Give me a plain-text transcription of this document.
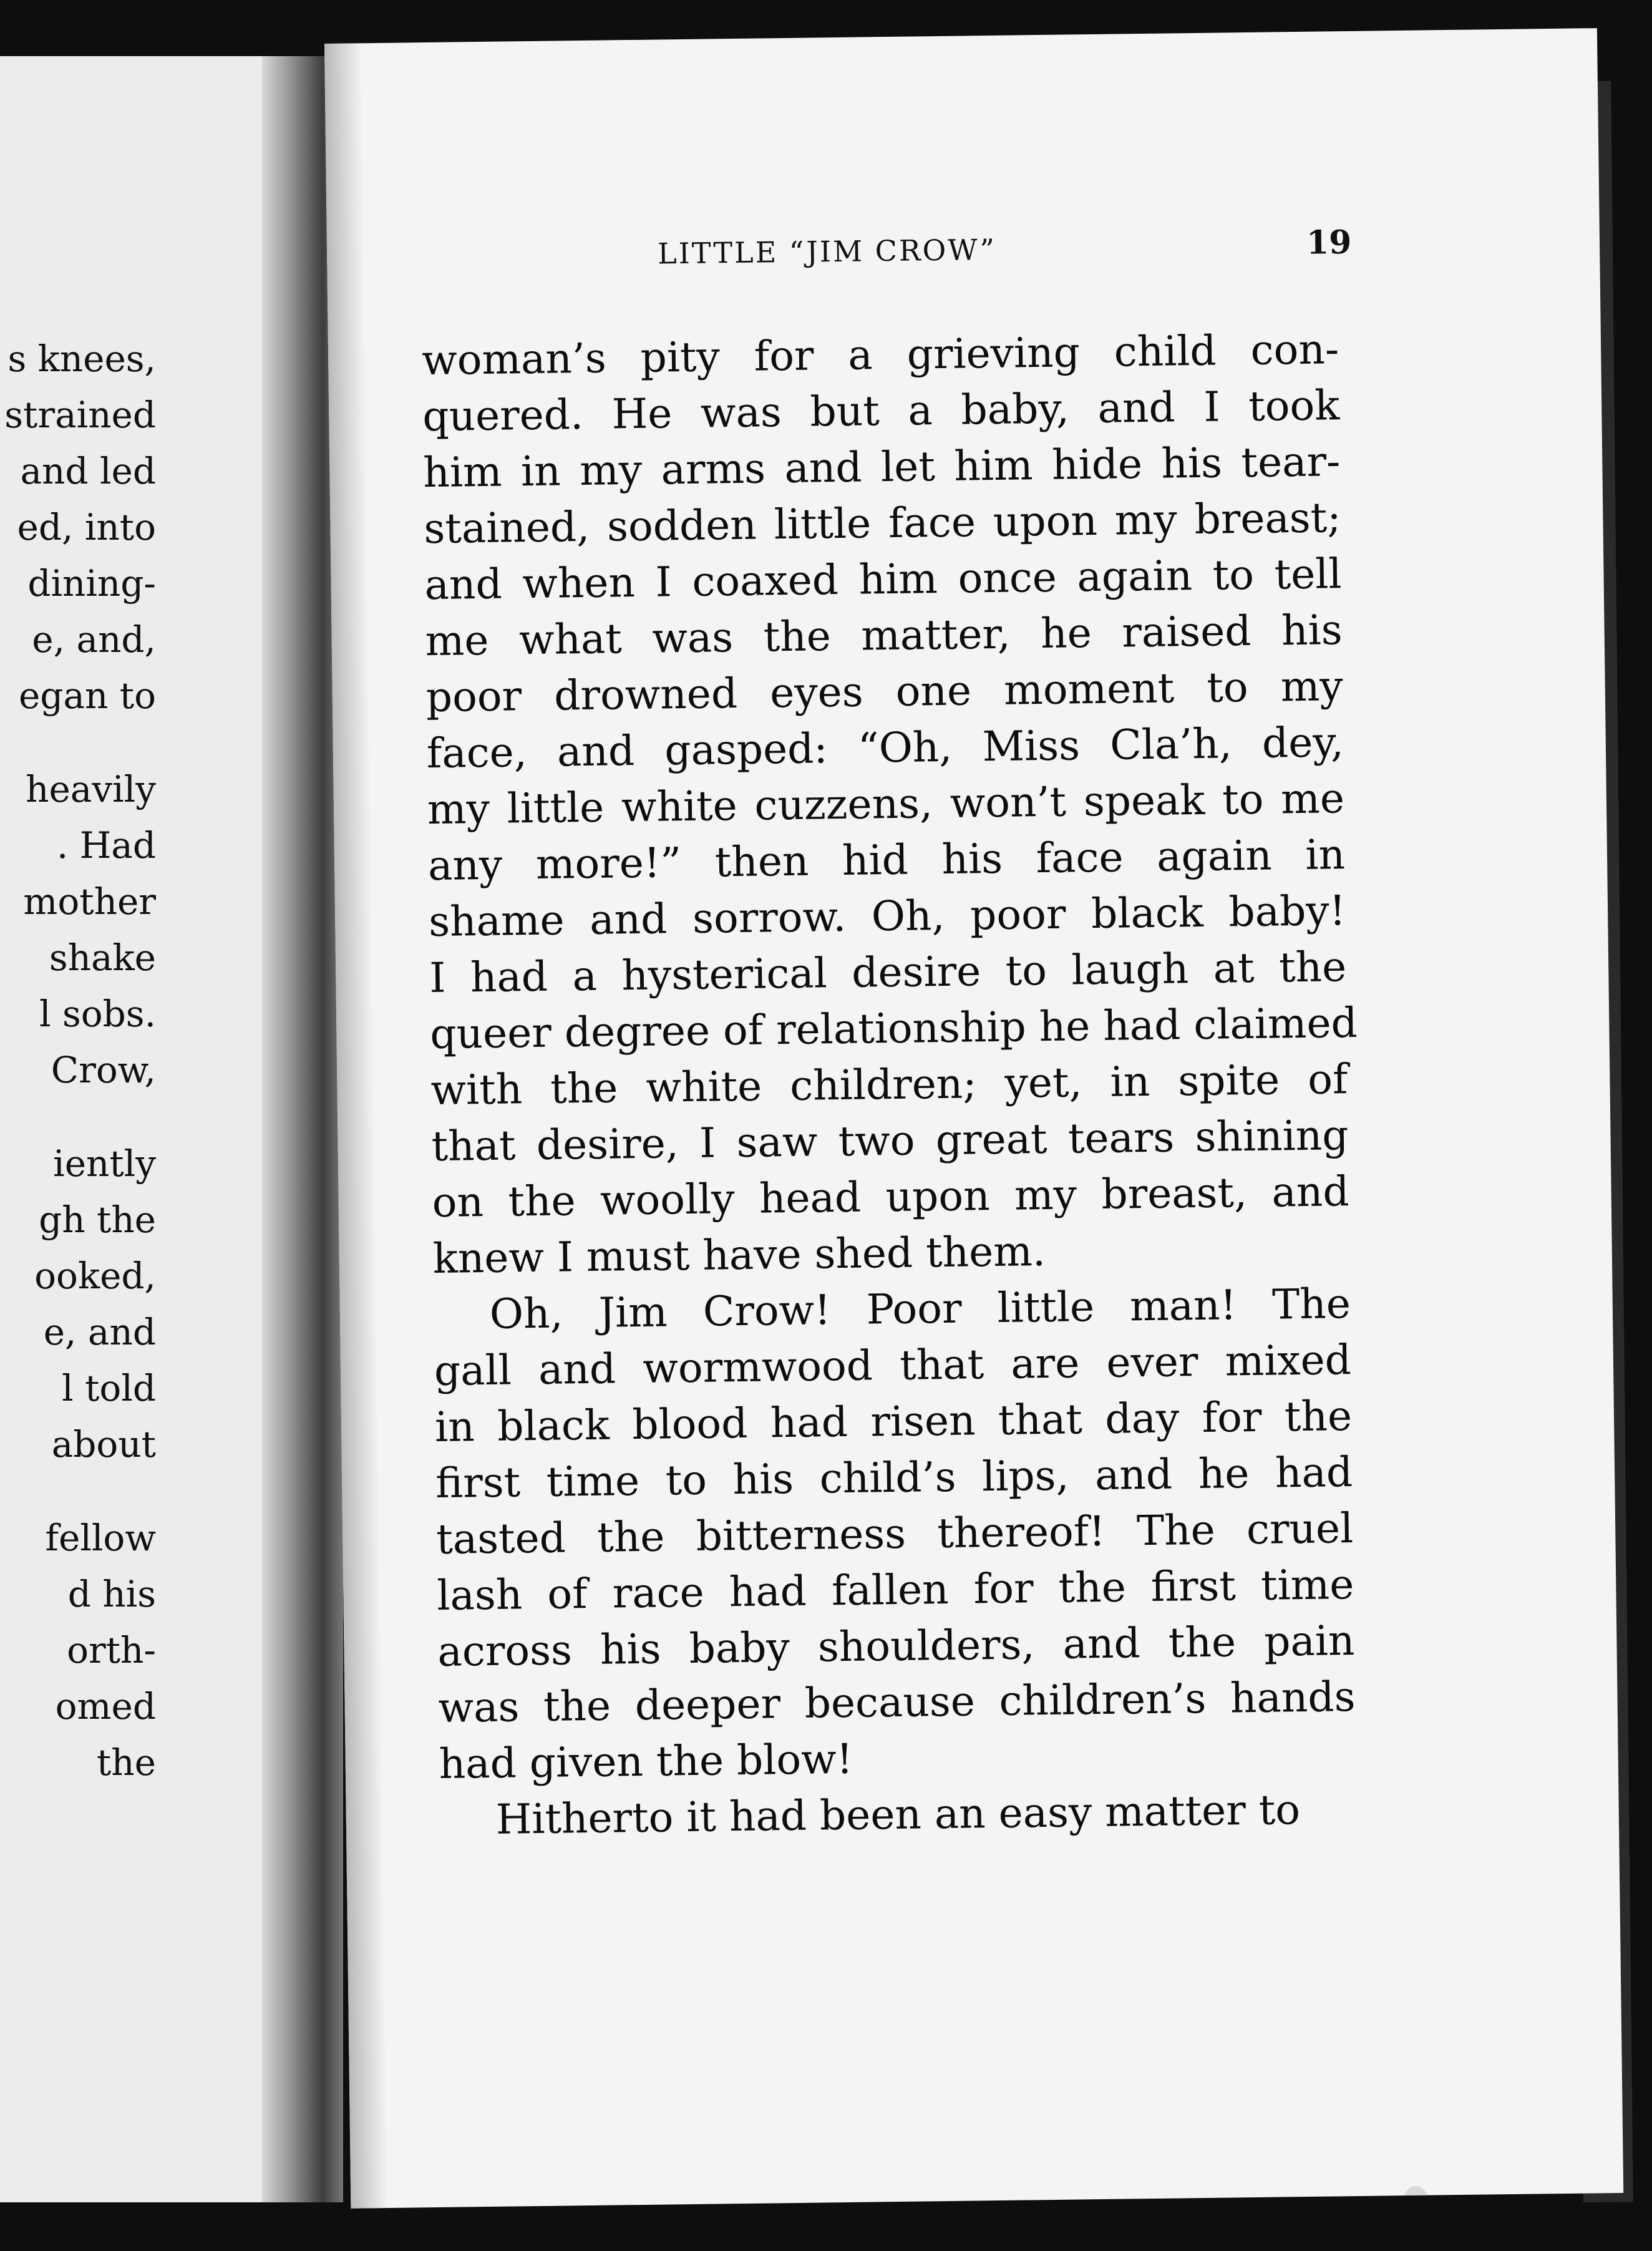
s knees,
strained
and led
ed, into
dining-
e, and,
egan to
heavily
. Had
mother
shake
l sobs.
Crow,
iently
gh the
ooked,
e, and
l told
about
fellow
d his
orth-
omed
the
LITTLE “JIM CROW”	19
woman’s pity for a grieving child con-
quered. He was but a baby, and I took
him in my arms and let him hide his tear-
stained, sodden little face upon my breast;
and when I coaxed him once again to tell
me what was the matter, he raised his
poor drowned eyes one moment to my
face, and gasped: “Oh, Miss Cla’h, dey,
my little white cuzzens, won’t speak to me
any more!” then hid his face again in
shame and sorrow. Oh, poor black baby!
I had a hysterical desire to laugh at the
queer degree of relationship he had claimed
with the white children; yet, in spite of
that desire, I saw two great tears shining
on the woolly head upon my breast, and
knew I must have shed them.
Oh, Jim Crow! Poor little man! The
gall and wormwood that are ever mixed
in black blood had risen that day for the
first time to his child’s lips, and he had
tasted the bitterness thereof! The cruel
lash of race had fallen for the first time
across his baby shoulders, and the pain
was the deeper because children’s hands
had given the blow!
Hitherto it had been an easy matter to
